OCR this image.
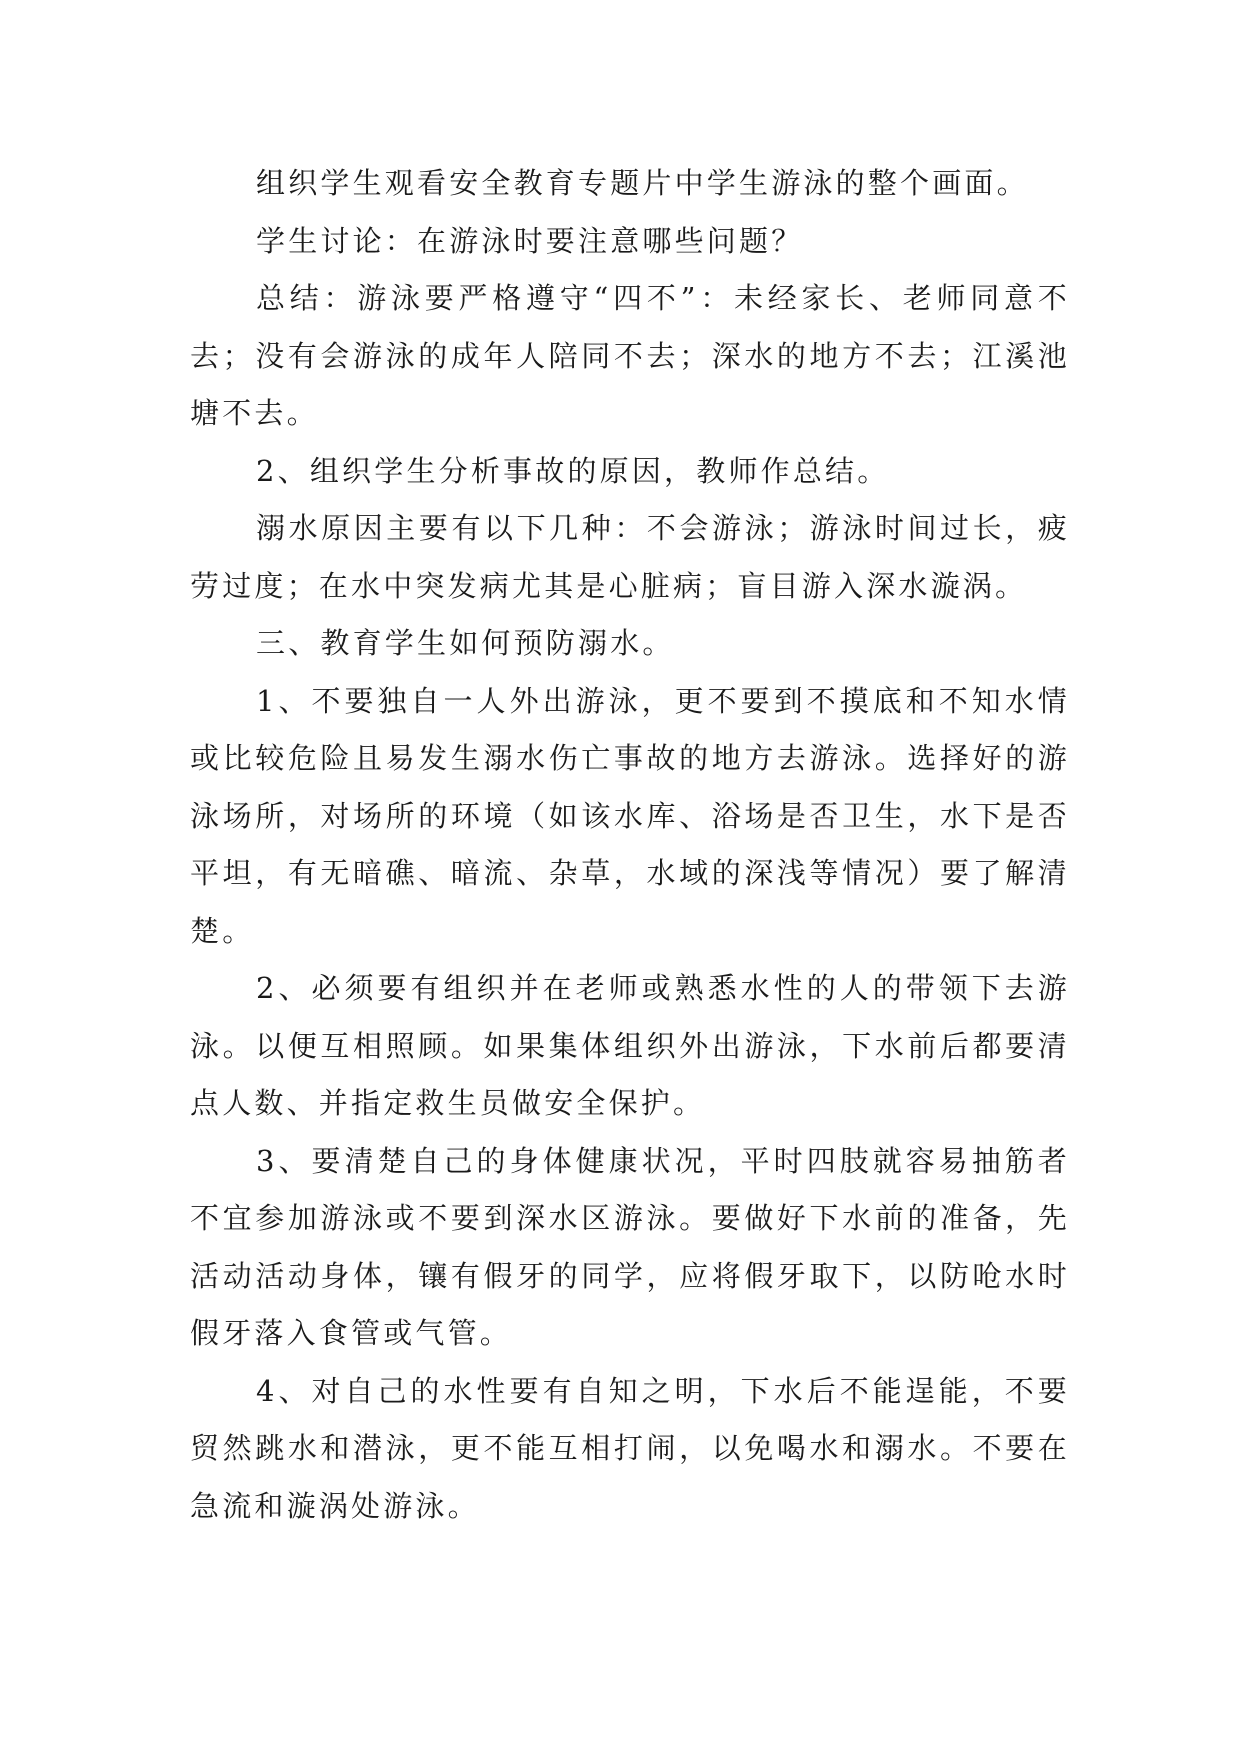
组织学生观看安全教育专题片中学生游泳的整个画面。

学生讨论：在游泳时要注意哪些问题？

总结：游泳要严格遵守“四不”：未经家长、老师同意不去；没有会游泳的成年人陪同不去；深水的地方不去；江溪池塘不去。

2、组织学生分析事故的原因，教师作总结。

溺水原因主要有以下几种：不会游泳；游泳时间过长，疲劳过度；在水中突发病尤其是心脏病；盲目游入深水漩涡。

三、教育学生如何预防溺水。

1、不要独自一人外出游泳，更不要到不摸底和不知水情或比较危险且易发生溺水伤亡事故的地方去游泳。选择好的游泳场所，对场所的环境（如该水库、浴场是否卫生，水下是否平坦，有无暗礁、暗流、杂草，水域的深浅等情况）要了解清楚。

2、必须要有组织并在老师或熟悉水性的人的带领下去游泳。以便互相照顾。如果集体组织外出游泳，下水前后都要清点人数、并指定救生员做安全保护。

3、要清楚自己的身体健康状况，平时四肢就容易抽筋者不宜参加游泳或不要到深水区游泳。要做好下水前的准备，先活动活动身体，镶有假牙的同学，应将假牙取下，以防呛水时假牙落入食管或气管。

4、对自己的水性要有自知之明，下水后不能逞能，不要贸然跳水和潜泳，更不能互相打闹，以免喝水和溺水。不要在急流和漩涡处游泳。
